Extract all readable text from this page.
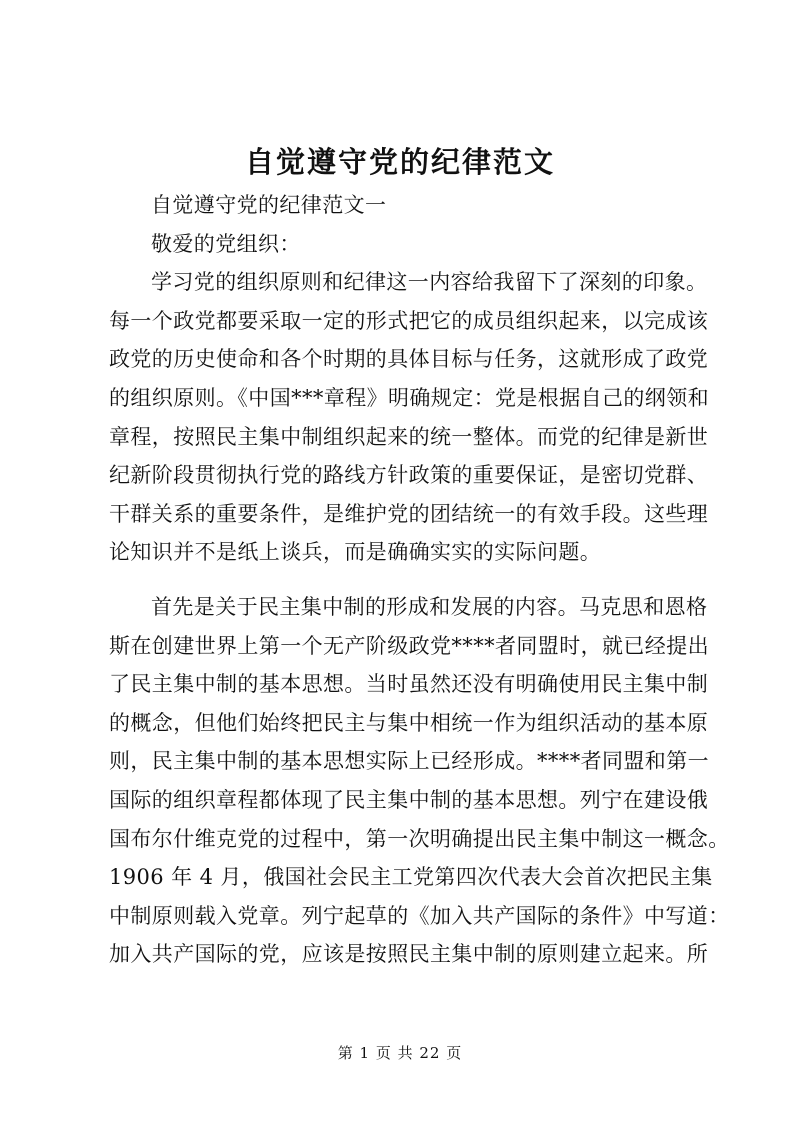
自觉遵守党的纪律范文
自觉遵守党的纪律范文一
敬爱的党组织：
学习党的组织原则和纪律这一内容给我留下了深刻的印象。
每一个政党都要采取一定的形式把它的成员组织起来，以完成该
政党的历史使命和各个时期的具体目标与任务，这就形成了政党
的组织原则。《中国***章程》明确规定：党是根据自己的纲领和
章程，按照民主集中制组织起来的统一整体。而党的纪律是新世
纪新阶段贯彻执行党的路线方针政策的重要保证，是密切党群、
干群关系的重要条件，是维护党的团结统一的有效手段。这些理
论知识并不是纸上谈兵，而是确确实实的实际问题。
首先是关于民主集中制的形成和发展的内容。马克思和恩格
斯在创建世界上第一个无产阶级政党****者同盟时，就已经提出
了民主集中制的基本思想。当时虽然还没有明确使用民主集中制
的概念，但他们始终把民主与集中相统一作为组织活动的基本原
则，民主集中制的基本思想实际上已经形成。****者同盟和第一
国际的组织章程都体现了民主集中制的基本思想。列宁在建设俄
国布尔什维克党的过程中，第一次明确提出民主集中制这一概念。
1906 年 4 月，俄国社会民主工党第四次代表大会首次把民主集
中制原则载入党章。列宁起草的《加入共产国际的条件》中写道：
加入共产国际的党，应该是按照民主集中制的原则建立起来。所
第 1 页 共 22 页
